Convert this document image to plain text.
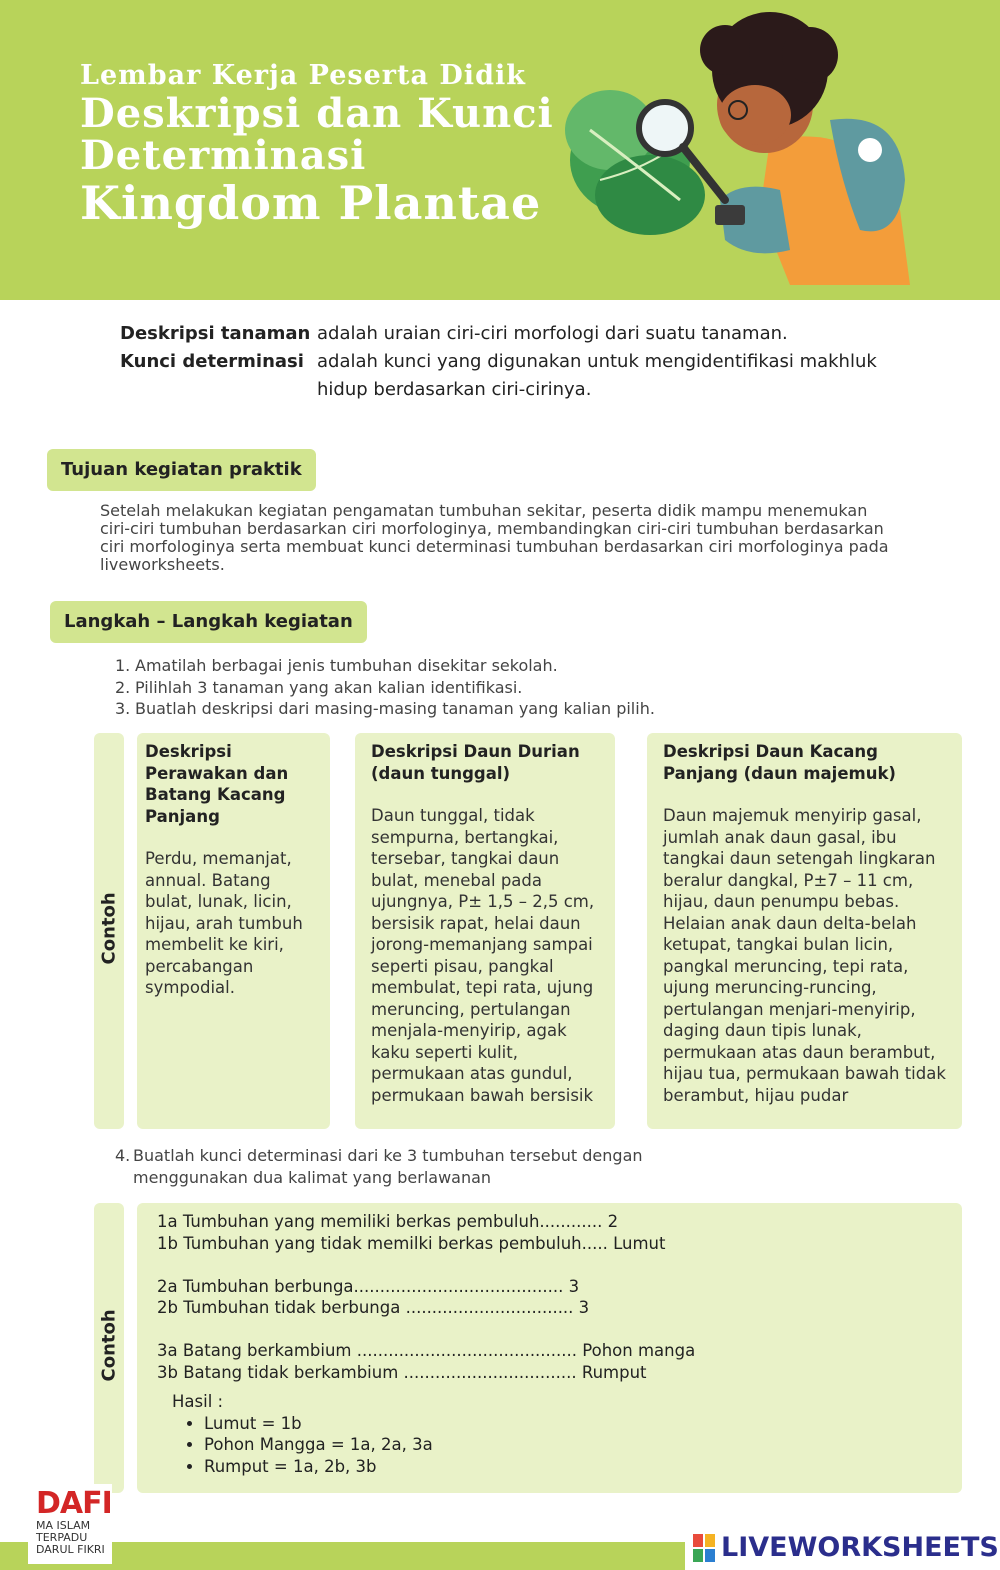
Lembar Kerja Peserta Didik
Deskripsi dan Kunci
Determinasi
Kingdom Plantae
Deskripsi tanaman adalah uraian ciri-ciri morfologi dari suatu tanaman.
Kunci determinasi adalah kunci yang digunakan untuk mengidentifikasi makhluk hidup berdasarkan ciri-cirinya.
Tujuan kegiatan praktik
Setelah melakukan kegiatan pengamatan tumbuhan sekitar, peserta didik mampu menemukan ciri-ciri tumbuhan berdasarkan ciri morfologinya, membandingkan ciri-ciri tumbuhan berdasarkan ciri morfologinya serta membuat kunci determinasi tumbuhan berdasarkan ciri morfologinya pada liveworksheets.
Langkah – Langkah kegiatan
1. Amatilah berbagai jenis tumbuhan disekitar sekolah.
2. Pilihlah 3 tanaman yang akan kalian identifikasi.
3. Buatlah deskripsi dari masing-masing tanaman yang kalian pilih.
Contoh
Deskripsi Perawakan dan Batang Kacang Panjang

Perdu, memanjat, annual. Batang bulat, lunak, licin, hijau, arah tumbuh membelit ke kiri, percabangan sympodial.

Deskripsi Daun Durian (daun tunggal)

Daun tunggal, tidak sempurna, bertangkai, tersebar, tangkai daun bulat, menebal pada ujungnya, P± 1,5 – 2,5 cm, bersisik rapat, helai daun jorong-memanjang sampai seperti pisau, pangkal membulat, tepi rata, ujung meruncing, pertulangan menjala-menyirip, agak kaku seperti kulit, permukaan atas gundul, permukaan bawah bersisik

Deskripsi Daun Kacang Panjang (daun majemuk)

Daun majemuk menyirip gasal, jumlah anak daun gasal, ibu tangkai daun setengah lingkaran beralur dangkal, P±7 – 11 cm, hijau, daun penumpu bebas. Helaian anak daun delta-belah ketupat, tangkai bulan licin, pangkal meruncing, tepi rata, ujung meruncing-runcing, pertulangan menjari-menyirip, daging daun tipis lunak, permukaan atas daun berambut, hijau tua, permukaan bawah tidak berambut, hijau pudar

4. Buatlah kunci determinasi dari ke 3 tumbuhan tersebut dengan menggunakan dua kalimat yang berlawanan
Contoh
1a Tumbuhan yang memiliki berkas pembuluh............ 2
1b Tumbuhan yang tidak memilki berkas pembuluh..... Lumut
2a Tumbuhan berbunga........................................ 3
2b Tumbuhan tidak berbunga ................................ 3
3a Batang berkambium .......................................... Pohon manga
3b Batang tidak berkambium ................................. Rumput
Hasil :
• Lumut = 1b
• Pohon Mangga = 1a, 2a, 3a
• Rumput = 1a, 2b, 3b
DAFI
MA ISLAM
TERPADU
DARUL FIKRI	LIVEWORKSHEETS
